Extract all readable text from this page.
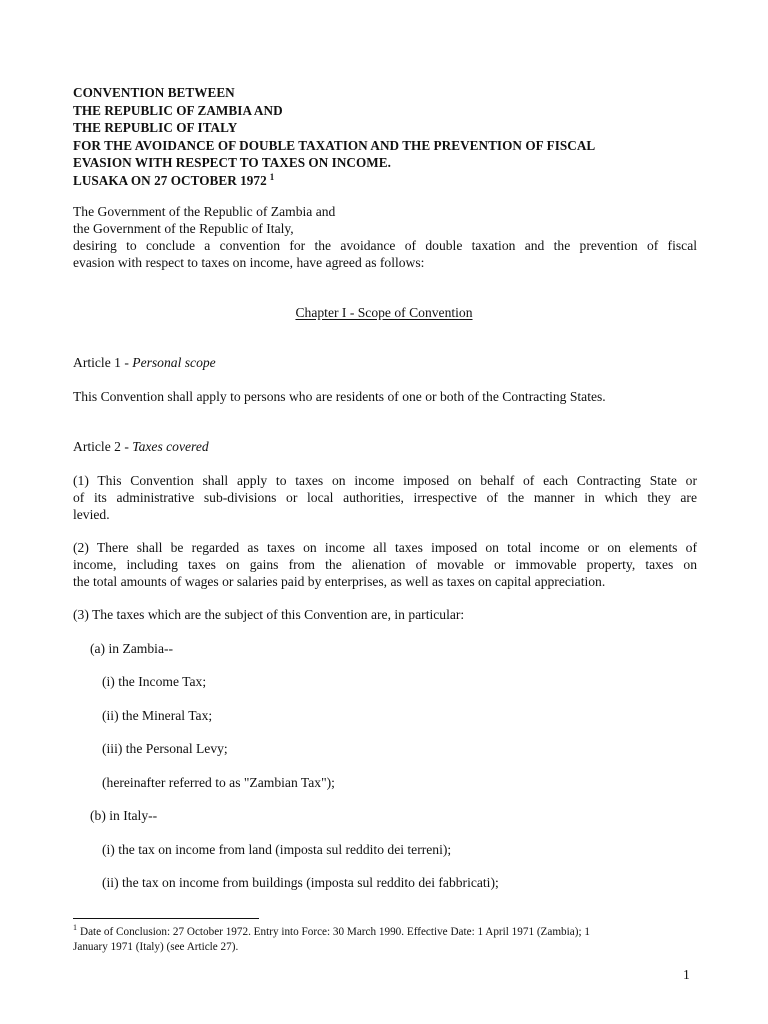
CONVENTION BETWEEN
THE REPUBLIC OF ZAMBIA AND
THE REPUBLIC OF ITALY
FOR THE AVOIDANCE OF DOUBLE TAXATION AND THE PREVENTION OF FISCAL
EVASION WITH RESPECT TO TAXES ON INCOME.
LUSAKA ON 27 OCTOBER 1972 $^1$
The Government of the Republic of Zambia and
the Government of the Republic of Italy,
desiring to conclude a convention for the avoidance of double taxation and the prevention of fiscal
evasion with respect to taxes on income, have agreed as follows:
Chapter I - Scope of Convention
Article 1 - Personal scope
This Convention shall apply to persons who are residents of one or both of the Contracting States.
Article 2 - Taxes covered
(1) This Convention shall apply to taxes on income imposed on behalf of each Contracting State or
of its administrative sub-divisions or local authorities, irrespective of the manner in which they are
levied.
(2) There shall be regarded as taxes on income all taxes imposed on total income or on elements of
income, including taxes on gains from the alienation of movable or immovable property, taxes on
the total amounts of wages or salaries paid by enterprises, as well as taxes on capital appreciation.
(3) The taxes which are the subject of this Convention are, in particular:
(a) in Zambia--
(i) the Income Tax;
(ii) the Mineral Tax;
(iii) the Personal Levy;
(hereinafter referred to as "Zambian Tax");
(b) in Italy--
(i) the tax on income from land (imposta sul reddito dei terreni);
(ii) the tax on income from buildings (imposta sul reddito dei fabbricati);
$^1$ Date of Conclusion: 27 October 1972. Entry into Force: 30 March 1990. Effective Date: 1 April 1971 (Zambia); 1
January 1971 (Italy) (see Article 27).
1
